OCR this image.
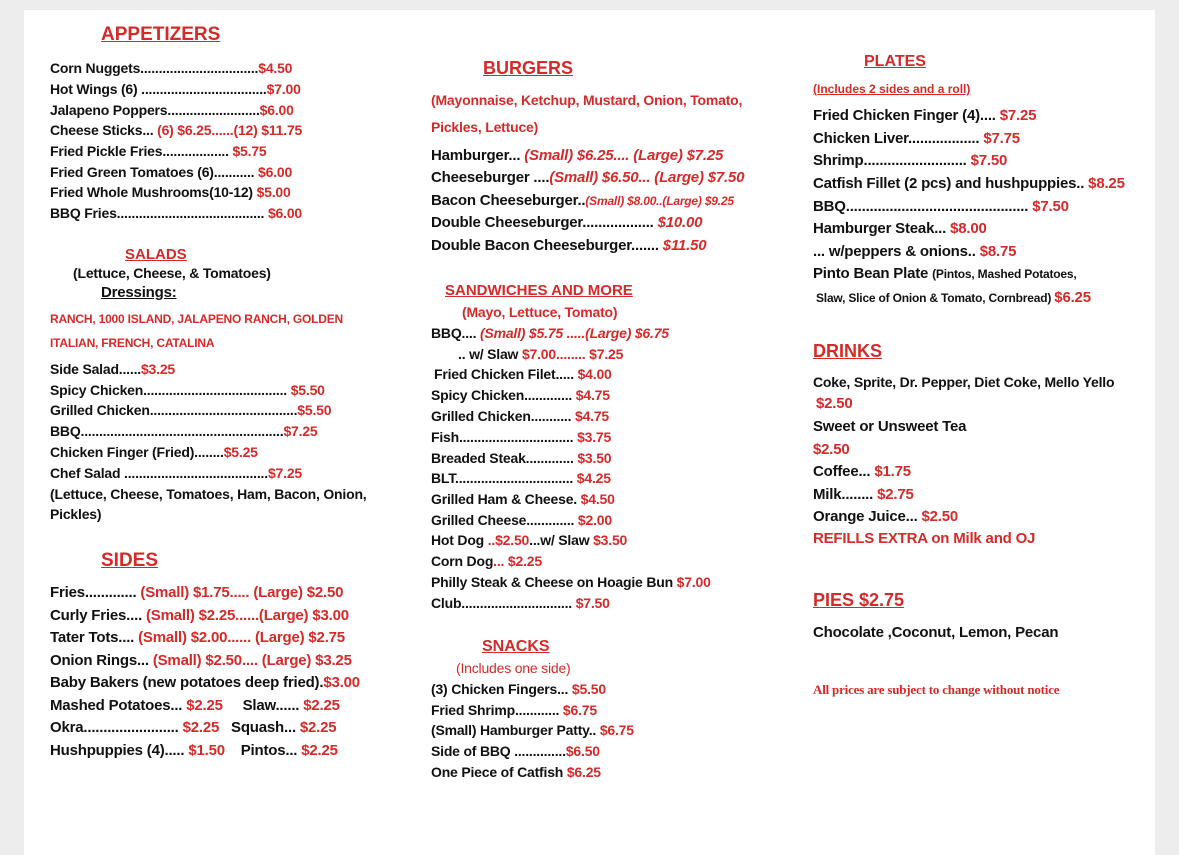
APPETIZERS
Corn Nuggets................................$4.50
Hot Wings (6) ..................................$7.00
Jalapeno Poppers.........................$6.00
Cheese Sticks... (6) $6.25......(12) $11.75
Fried Pickle Fries.................. $5.75
Fried Green Tomatoes (6)........... $6.00
Fried Whole Mushrooms(10-12) $5.00
BBQ Fries........................................ $6.00
SALADS
(Lettuce, Cheese, & Tomatoes)
Dressings:
RANCH, 1000 ISLAND, JALAPENO RANCH, GOLDEN
ITALIAN, FRENCH, CATALINA
Side Salad......$3.25
Spicy Chicken....................................... $5.50
Grilled Chicken........................................$5.50
BBQ.......................................................$7.25
Chicken Finger (Fried)........$5.25
Chef Salad .......................................$7.25
(Lettuce, Cheese, Tomatoes, Ham, Bacon, Onion,
Pickles)
SIDES
Fries............. (Small) $1.75..... (Large) $2.50
Curly Fries.... (Small) $2.25......(Large) $3.00
Tater Tots.... (Small) $2.00...... (Large) $2.75
Onion Rings... (Small) $2.50.... (Large) $3.25
Baby Bakers (new potatoes deep fried).$3.00
Mashed Potatoes... $2.25 Slaw...... $2.25
Okra........................ $2.25 Squash... $2.25
Hushpuppies (4)..... $1.50 Pintos... $2.25
BURGERS
(Mayonnaise, Ketchup, Mustard, Onion, Tomato,
Pickles, Lettuce)
Hamburger... (Small) $6.25.... (Large) $7.25
Cheeseburger ....(Small) $6.50... (Large) $7.50
Bacon Cheeseburger..(Small) $8.00..(Large) $9.25
Double Cheeseburger.................. $10.00
Double Bacon Cheeseburger....... $11.50
SANDWICHES AND MORE
(Mayo, Lettuce, Tomato)
BBQ.... (Small) $5.75 .....(Large) $6.75
.. w/ Slaw $7.00........ $7.25
Fried Chicken Filet..... $4.00
Spicy Chicken............. $4.75
Grilled Chicken........... $4.75
Fish............................... $3.75
Breaded Steak............. $3.50
BLT................................ $4.25
Grilled Ham & Cheese. $4.50
Grilled Cheese............. $2.00
Hot Dog ..$2.50...w/ Slaw $3.50
Corn Dog... $2.25
Philly Steak & Cheese on Hoagie Bun $7.00
Club.............................. $7.50
SNACKS
(Includes one side)
(3) Chicken Fingers... $5.50
Fried Shrimp............ $6.75
(Small) Hamburger Patty.. $6.75
Side of BBQ ..............$6.50
One Piece of Catfish $6.25
PLATES
(Includes 2 sides and a roll)
Fried Chicken Finger (4).... $7.25
Chicken Liver.................. $7.75
Shrimp.......................... $7.50
Catfish Fillet (2 pcs) and hushpuppies.. $8.25
BBQ.............................................. $7.50
Hamburger Steak... $8.00
... w/peppers & onions.. $8.75
Pinto Bean Plate (Pintos, Mashed Potatoes,
Slaw, Slice of Onion & Tomato, Cornbread) $6.25
DRINKS
Coke, Sprite, Dr. Pepper, Diet Coke, Mello Yello
$2.50
Sweet or Unsweet Tea
$2.50
Coffee... $1.75
Milk........ $2.75
Orange Juice... $2.50
REFILLS EXTRA on Milk and OJ
PIES $2.75
Chocolate ,Coconut, Lemon, Pecan
All prices are subject to change without notice
